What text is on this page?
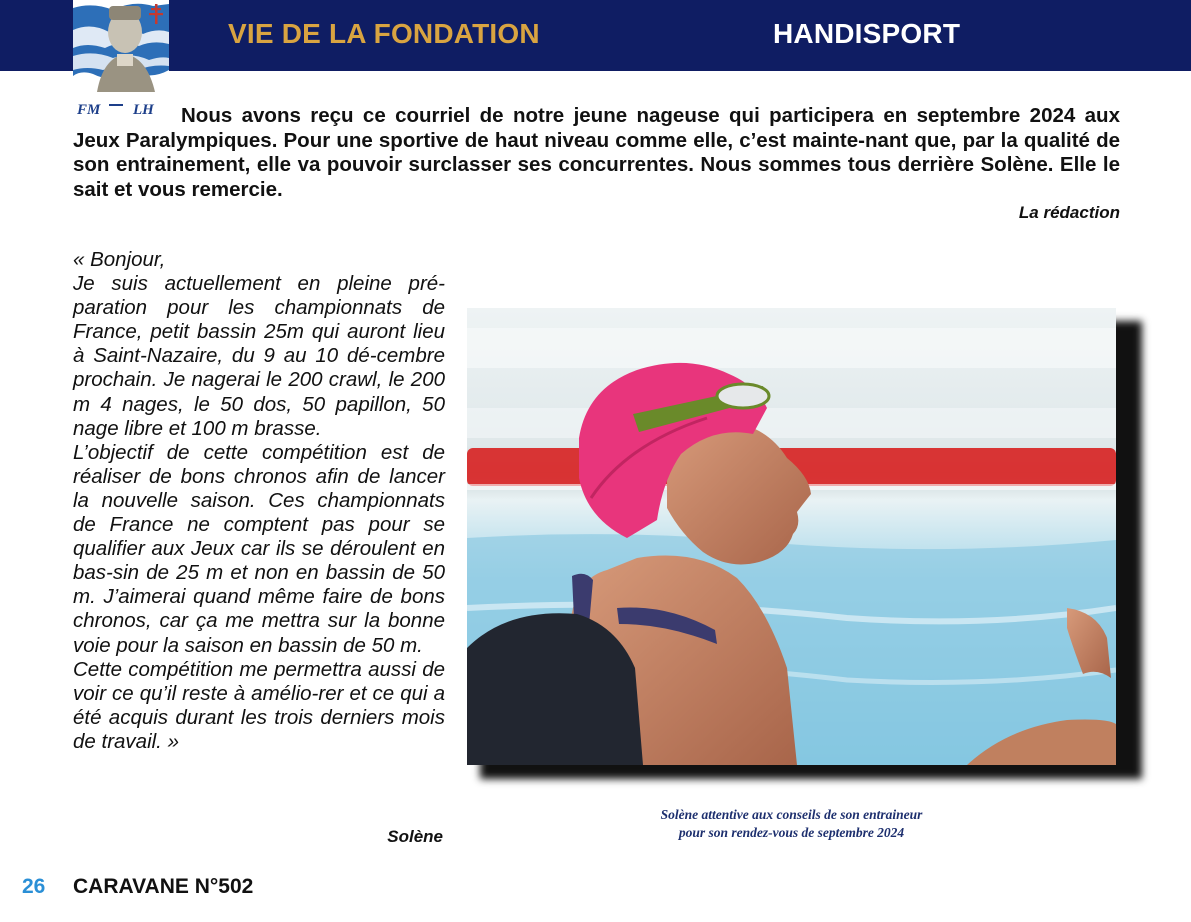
VIE DE LA FONDATION	HANDISPORT
FM LH	Nous avons reçu ce courriel de notre jeune nageuse qui participera en septembre 2024 aux Jeux Paralympiques. Pour une sportive de haut niveau comme elle, c’est mainte-nant que, par la qualité de son entrainement, elle va pouvoir surclasser ses concurrentes. Nous sommes tous derrière Solène. Elle le sait et vous remercie.
La rédaction

« Bonjour,

Je suis actuellement en pleine pré-paration pour les championnats de France, petit bassin 25m qui auront lieu à Saint-Nazaire, du 9 au 10 dé-cembre prochain. Je nagerai le 200 crawl, le 200 m 4 nages, le 50 dos, 50 papillon, 50 nage libre et 100 m brasse.

L’objectif de cette compétition est de réaliser de bons chronos afin de lancer la nouvelle saison. Ces championnats de France ne comptent pas pour se qualifier aux Jeux car ils se déroulent en bas-sin de 25 m et non en bassin de 50 m. J’aimerai quand même faire de bons chronos, car ça me mettra sur la bonne voie pour la saison en bassin de 50 m.

Cette compétition me permettra aussi de voir ce qu’il reste à amélio-rer et ce qui a été acquis durant les trois derniers mois de travail. »

Solène
Solène attentive aux conseils de son entraineur
pour son rendez-vous de septembre 2024
26 CARAVANE N°502
